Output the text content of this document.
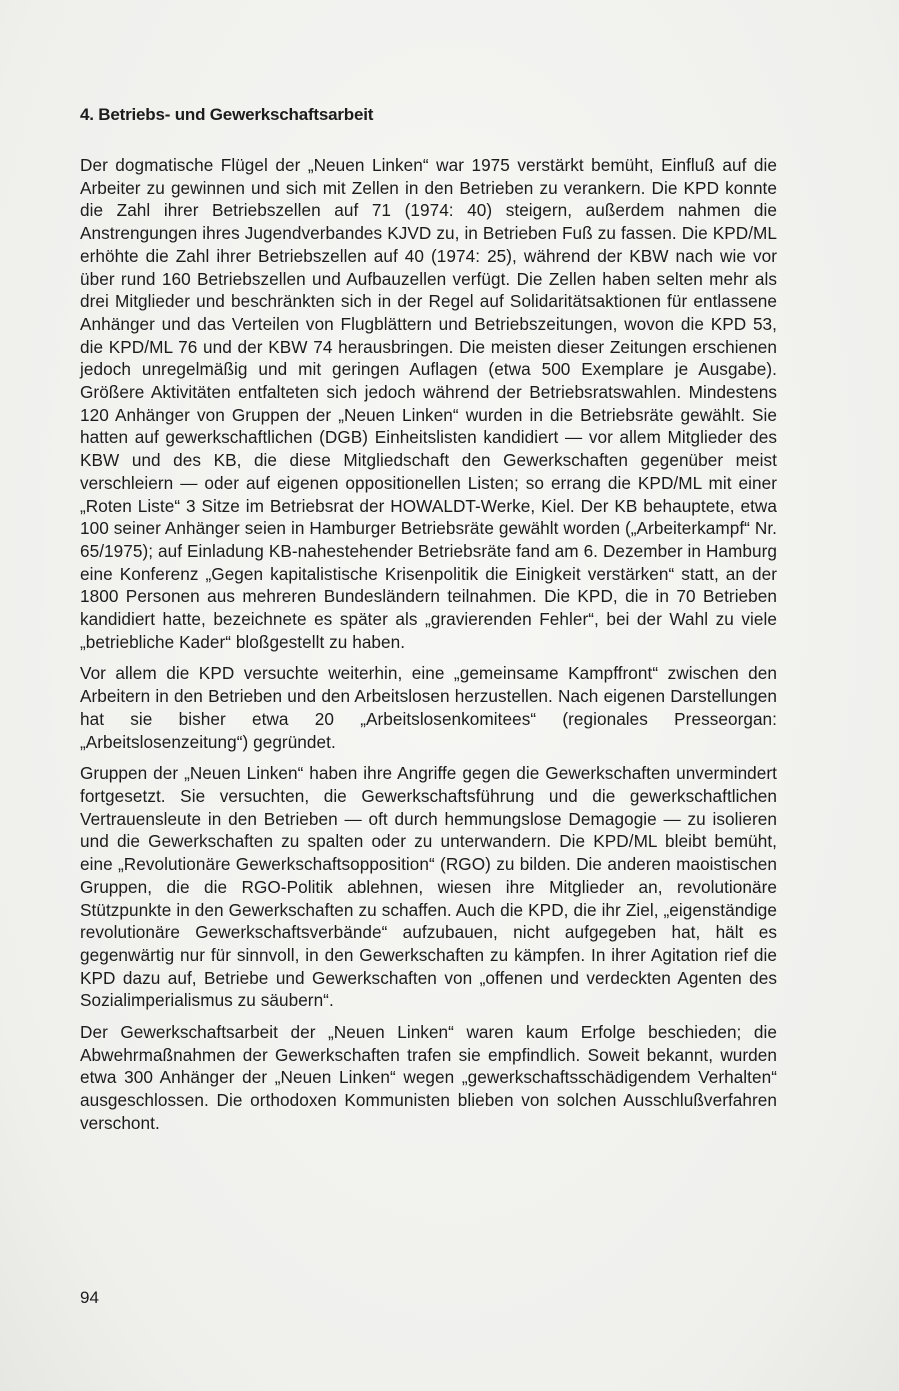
4. Betriebs- und Gewerkschaftsarbeit

Der dogmatische Flügel der „Neuen Linken“ war 1975 verstärkt bemüht, Einfluß auf die Arbeiter zu gewinnen und sich mit Zellen in den Betrieben zu verankern. Die KPD konnte die Zahl ihrer Betriebszellen auf 71 (1974: 40) steigern, außerdem nahmen die Anstrengungen ihres Jugendverbandes KJVD zu, in Betrieben Fuß zu fassen. Die KPD/ML erhöhte die Zahl ihrer Betriebszellen auf 40 (1974: 25), während der KBW nach wie vor über rund 160 Betriebszellen und Aufbauzellen verfügt. Die Zellen haben selten mehr als drei Mitglieder und beschränkten sich in der Regel auf Solidaritätsaktionen für entlassene Anhänger und das Verteilen von Flugblättern und Betriebszeitungen, wovon die KPD 53, die KPD/ML 76 und der KBW 74 herausbringen. Die meisten dieser Zeitungen erschienen jedoch unregelmäßig und mit geringen Auflagen (etwa 500 Exemplare je Ausgabe). Größere Aktivitäten entfalteten sich jedoch während der Betriebsratswahlen. Mindestens 120 Anhänger von Gruppen der „Neuen Linken“ wurden in die Betriebsräte gewählt. Sie hatten auf gewerkschaftlichen (DGB) Einheitslisten kandidiert — vor allem Mitglieder des KBW und des KB, die diese Mitgliedschaft den Gewerkschaften gegenüber meist verschleiern — oder auf eigenen oppositionellen Listen; so errang die KPD/ML mit einer „Roten Liste“ 3 Sitze im Betriebsrat der HOWALDT-Werke, Kiel. Der KB behauptete, etwa 100 seiner Anhänger seien in Hamburger Betriebsräte gewählt worden („Arbeiterkampf“ Nr. 65/1975); auf Einladung KB-nahestehender Betriebsräte fand am 6. Dezember in Hamburg eine Konferenz „Gegen kapitalistische Krisenpolitik die Einigkeit verstärken“ statt, an der 1800 Personen aus mehreren Bundesländern teilnahmen. Die KPD, die in 70 Betrieben kandidiert hatte, bezeichnete es später als „gravierenden Fehler“, bei der Wahl zu viele „betriebliche Kader“ bloßgestellt zu haben.

Vor allem die KPD versuchte weiterhin, eine „gemeinsame Kampffront“ zwischen den Arbeitern in den Betrieben und den Arbeitslosen herzustellen. Nach eigenen Darstellungen hat sie bisher etwa 20 „Arbeitslosenkomitees“ (regionales Presseorgan: „Arbeitslosenzeitung“) gegründet.

Gruppen der „Neuen Linken“ haben ihre Angriffe gegen die Gewerkschaften unvermindert fortgesetzt. Sie versuchten, die Gewerkschaftsführung und die gewerkschaftlichen Vertrauensleute in den Betrieben — oft durch hemmungslose Demagogie — zu isolieren und die Gewerkschaften zu spalten oder zu unterwandern. Die KPD/ML bleibt bemüht, eine „Revolutionäre Gewerkschaftsopposition“ (RGO) zu bilden. Die anderen maoistischen Gruppen, die die RGO-Politik ablehnen, wiesen ihre Mitglieder an, revolutionäre Stützpunkte in den Gewerkschaften zu schaffen. Auch die KPD, die ihr Ziel, „eigenständige revolutionäre Gewerkschaftsverbände“ aufzubauen, nicht aufgegeben hat, hält es gegenwärtig nur für sinnvoll, in den Gewerkschaften zu kämpfen. In ihrer Agitation rief die KPD dazu auf, Betriebe und Gewerkschaften von „offenen und verdeckten Agenten des Sozialimperialismus zu säubern“.

Der Gewerkschaftsarbeit der „Neuen Linken“ waren kaum Erfolge beschieden; die Abwehrmaßnahmen der Gewerkschaften trafen sie empfindlich. Soweit bekannt, wurden etwa 300 Anhänger der „Neuen Linken“ wegen „gewerkschaftsschädigendem Verhalten“ ausgeschlossen. Die orthodoxen Kommunisten blieben von solchen Ausschlußverfahren verschont.

94
